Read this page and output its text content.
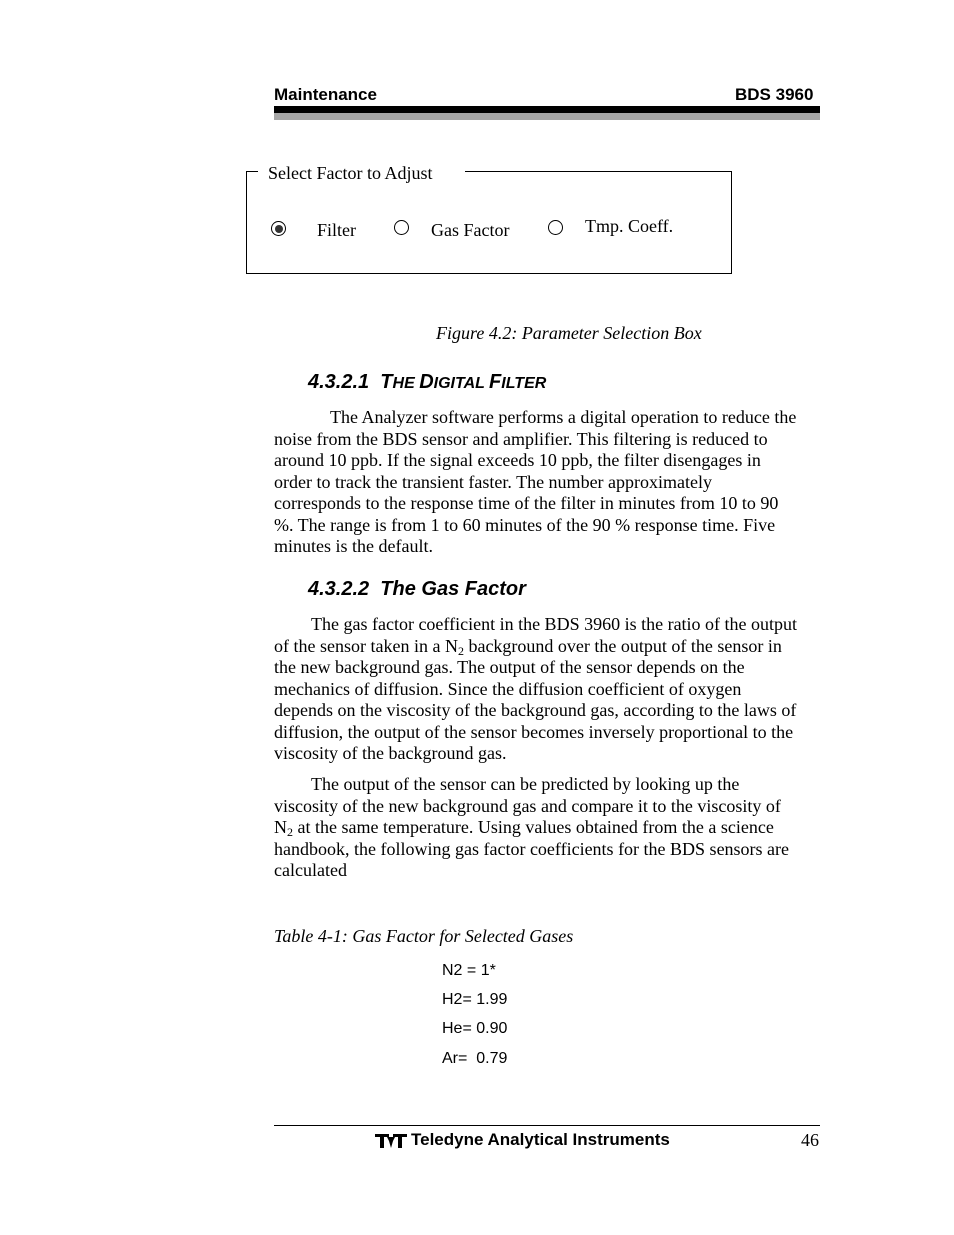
Maintenance	BDS 3960
Select Factor to Adjust
Filter	Gas Factor	Tmp. Coeff.
Figure 4.2: Parameter Selection Box
4.3.2.1 THE DIGITAL FILTER
The Analyzer software performs a digital operation to reduce the
noise from the BDS sensor and amplifier. This filtering is reduced to
around 10 ppb. If the signal exceeds 10 ppb, the filter disengages in
order to track the transient faster. The number approximately
corresponds to the response time of the filter in minutes from 10 to 90
%. The range is from 1 to 60 minutes of the 90 % response time. Five
minutes is the default.
4.3.2.2 The Gas Factor
The gas factor coefficient in the BDS 3960 is the ratio of the output
of the sensor taken in a $N_2$ background over the output of the sensor in
the new background gas. The output of the sensor depends on the
mechanics of diffusion. Since the diffusion coefficient of oxygen
depends on the viscosity of the background gas, according to the laws of
diffusion, the output of the sensor becomes inversely proportional to the
viscosity of the background gas.
The output of the sensor can be predicted by looking up the
viscosity of the new background gas and compare it to the viscosity of
$N_2$ at the same temperature. Using values obtained from the a science
handbook, the following gas factor coefficients for the BDS sensors are
calculated
Table 4-1: Gas Factor for Selected Gases
N2 = 1*
H2= 1.99
He= 0.90
Ar=  0.79
Teledyne Analytical Instruments	46
